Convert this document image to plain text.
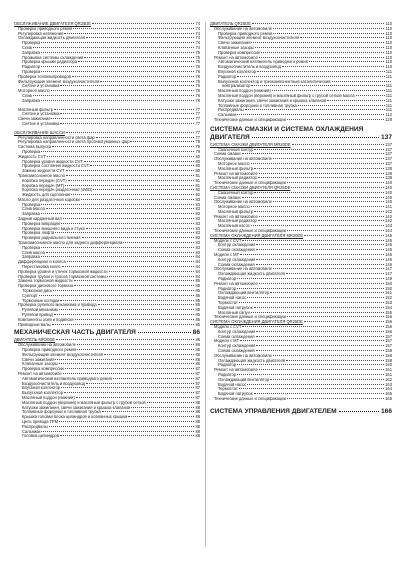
ОБСЛУЖИВАНИЕ ДВИГАТЕЛЯ QR25DE	74
Проверка приводного ремня	74
Регулировка натяжения	74
Охлаждающая жидкость двигателя	74
Проверка	74
Слив	74
Заправка	75
Промывка системы охлаждения	75
Проверка крышки радиатора	75
Радиатор	76
Проверка	76
Проверка топливопроводов	76
Фильтрующий элемент воздухоочистителя	76
Снятие и установка	76
Моторное масло	76
Слив	76
Заправка	76
Масляный фильтр	77
Снятие и установка	77
Свечи зажигания	77
Снятие и установка	77
ОБСЛУЖИВАНИЕ ШАССИ	77
Регулировка направленности света фар	77
Регулировка направленности света противотуманных фар	78
Система выпуска	79
Проверка	79
Жидкость CVT	80
Проверка уровня жидкости CVT	80
Проверка состояния жидкости CVT	80
Замена жидкости CVT	80
Трансмиссионное масло	81
Коробка передач (CVT)	81
Коробка передач (MT)	81
Коробка передач раздаточная (4WD)	82
Жидкость для сцепления	82
Масло для раздаточной коробки	83
Проверка	83
Слив масла	83
Заправка	83
Задний карданный вал	83
Проверка вибрации	83
Проверка внешнего вида и стука	83
Проверка люфта	83
Проверка радиального биения	83
Трансмиссионное масло для заднего дифференциала	83
Проверка	83
Слив масла	83
Заправка	84
Дифференциал и колеса	84
Перестановка колес	84
Проверка уровня и утечек тормозной жидкости	84
Проверка трубок и тросов тормозной системы	84
Замена тормозной жидкости	85
Проверка дискового тормоза	85
Тормозной диск	85
Суппорт	85
Тормозные колодки	85
Проверка рулевого механизма и привода	85
Рулевой механизм	85
Рулевой привод	85
Компоненты осей и подвески	85
Приводные валы	85
МЕХАНИЧЕСКАЯ ЧАСТЬ ДВИГАТЕЛЯ	86
ДВИГАТЕЛЬ MR20DE	86
Обслуживание на автомобиле	86
Проверка приводного ремня	86
Фильтрующий элемент воздухоочистителя	86
Свечи зажигания	86
Клапанные зазоры	86
Проверка компрессии	87
Ремонт на автомобиле	87
Автоматический натяжитель приводного ремня	87
Воздухоочиститель и воздуховод	87
Впускной коллектор	87
Выпускной коллектор	87
Масляный поддон (нижний)	87
Масляный поддон (верхний) и масляный фильтр с грубой сеткой	88
Катушки зажигания, свечи зажигания и крышка клапанов	88
Топливные форсунки и топливная трубка	88
Крышка головки блока цилиндров и клапанных крышки	88
Цепь привода ГРМ	88
Распредвалы	88
Сальники	88
Головка цилиндров	88
ДВИГАТЕЛЬ QR25DE	110
Обслуживание на автомобиле	110
Проверка приводного ремня	110
Фильтрующий элемент воздухоочистителя	110
Свечи зажигания	110
Клапанные зазоры	110
Проверка компрессии	110
Ремонт на автомобиле	110
Автоматический натяжитель приводного ремня	110
Воздухоочиститель и воздуховод	110
Впускной коллектор	111
Радиатор	111
Выпускной коллектор и трехкомпонентный каталитический
нейтрализатор	111
Масляный поддон (нижний)	111
Масляный поддон (верхний) и масляный фильтр с грубой сеткой масла	111
Катушки зажигания, свечи зажигания и крышка клапанов	111
Топливные форсунки и топливная трубка	111
Распредвалы	111
Сальники	112
Технические данные и спецификации	128
СИСТЕМА СМАЗКИ И СИСТЕМА ОХЛАЖДЕНИЯ
ДВИГАТЕЛЯ	137
СИСТЕМА СМАЗКИ ДВИГАТЕЛЯ MR20DE	137
Смазочный контур	137
Схема смазки	137
Обслуживание на автомобиле	137
Моторное масло	137
Масляный фильтр	138
Ремонт на автомобиле	138
Масляный радиатор	138
Технические данные и спецификации	140
СИСТЕМА СМАЗКИ ДВИГАТЕЛЯ QR25DE	140
Смазочный контур	140
Схема смазки	140
Обслуживание на автомобиле	140
Моторное масло	141
Масляный фильтр	142
Ремонт на автомобиле	142
Масляный радиатор	142
Масляный насос	143
Технические данные и спецификации	144
СИСТЕМА ОХЛАЖДЕНИЯ ДВИГАТЕЛЯ MR20DE	145
Модели с CVT	145
Контур охлаждения	145
Схема охлаждения	145
Модели с MT	146
Контур охлаждения	146
Схема охлаждения	146
Обслуживание на автомобиле	147
Охлаждающая жидкость двигателя	147
Радиатор	149
Ремонт на автомобиле	150
Радиатор	150
Охлаждающий вентилятор	151
Водяной насос	152
Термостат	153
Водяной патрубок	154
Масляный сапун	155
Технические данные и спецификации	156
СИСТЕМА ОХЛАЖДЕНИЯ ДВИГАТЕЛЯ QR25DE	156
Модели с CVT	156
Контур охлаждения	156
Схема охлаждения	157
Модели с MT	157
Контур охлаждения	157
Схема охлаждения	158
Обслуживание на автомобиле	158
Охлаждающая жидкость двигателя	158
Радиатор	160
Ремонт на автомобиле	161
Радиатор	161
Охлаждающий вентилятор	162
Водяной насос	163
Термостат	164
Водяной патрубок	165
Технические данные и спецификации	165
СИСТЕМА УПРАВЛЕНИЯ ДВИГАТЕЛЕМ	166
